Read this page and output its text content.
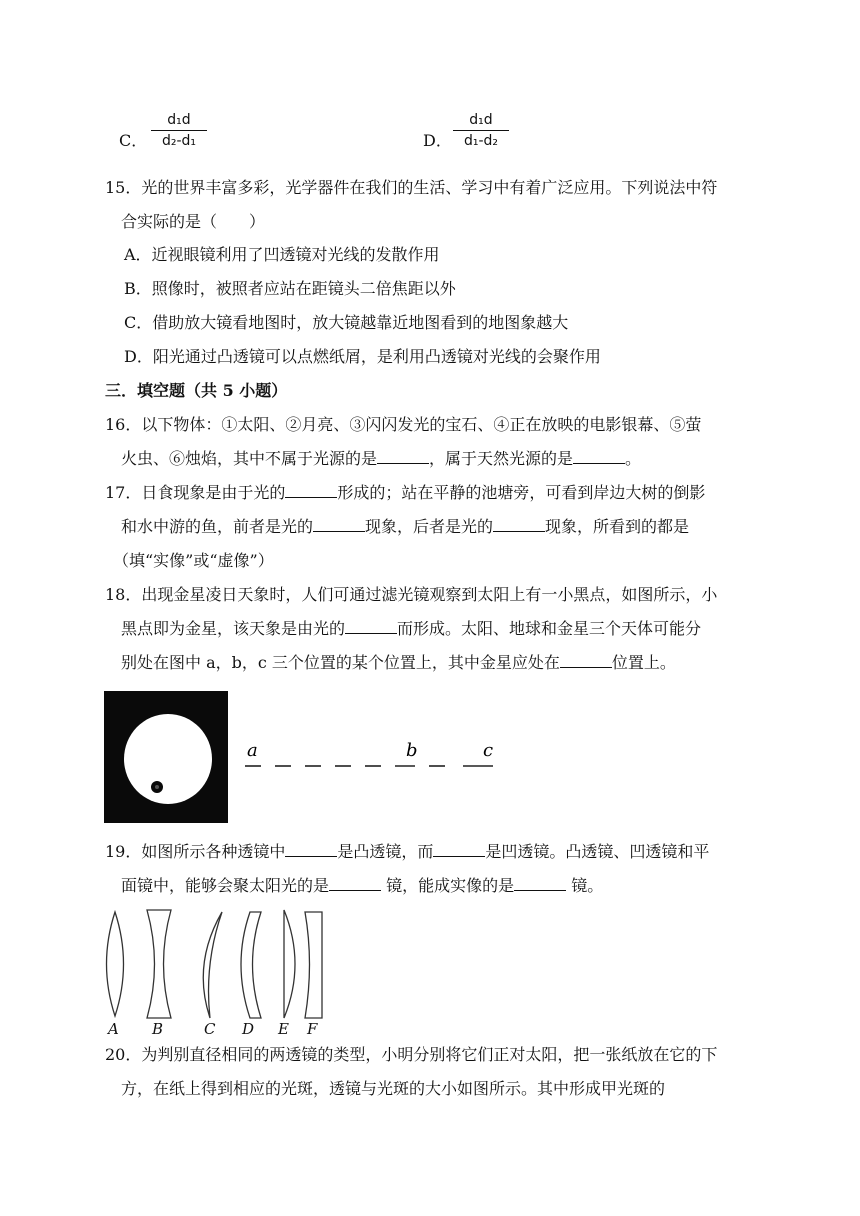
C．
d₁d
d₂-d₁	D．
d₁d
d₁-d₂
15．光的世界丰富多彩，光学器件在我们的生活、学习中有着广泛应用。下列说法中符
合实际的是（　　）
A．近视眼镜利用了凹透镜对光线的发散作用
B．照像时，被照者应站在距镜头二倍焦距以外
C．借助放大镜看地图时，放大镜越靠近地图看到的地图象越大
D．阳光通过凸透镜可以点燃纸屑，是利用凸透镜对光线的会聚作用
三．填空题（共 5 小题）
16．以下物体：①太阳、②月亮、③闪闪发光的宝石、④正在放映的电影银幕、⑤萤
火虫、⑥烛焰，其中不属于光源的是	，属于天然光源的是	。
17．日食现象是由于光的	形成的；站在平静的池塘旁，可看到岸边大树的倒影
和水中游的鱼，前者是光的	现象，后者是光的	现象，所看到的都是
（填“实像”或“虚像”）
18．出现金星凌日天象时，人们可通过滤光镜观察到太阳上有一小黑点，如图所示，小
黑点即为金星，该天象是由光的	而形成。太阳、地球和金星三个天体可能分
别处在图中 a，b，c 三个位置的某个位置上，其中金星应处在	位置上。
a	b	c
19．如图所示各种透镜中	是凸透镜，而	是凹透镜。凸透镜、凹透镜和平
面镜中，能够会聚太阳光的是	镜，能成实像的是	镜。
A B	C D E F
20．为判别直径相同的两透镜的类型，小明分别将它们正对太阳，把一张纸放在它的下
方，在纸上得到相应的光斑，透镜与光斑的大小如图所示。其中形成甲光斑的
